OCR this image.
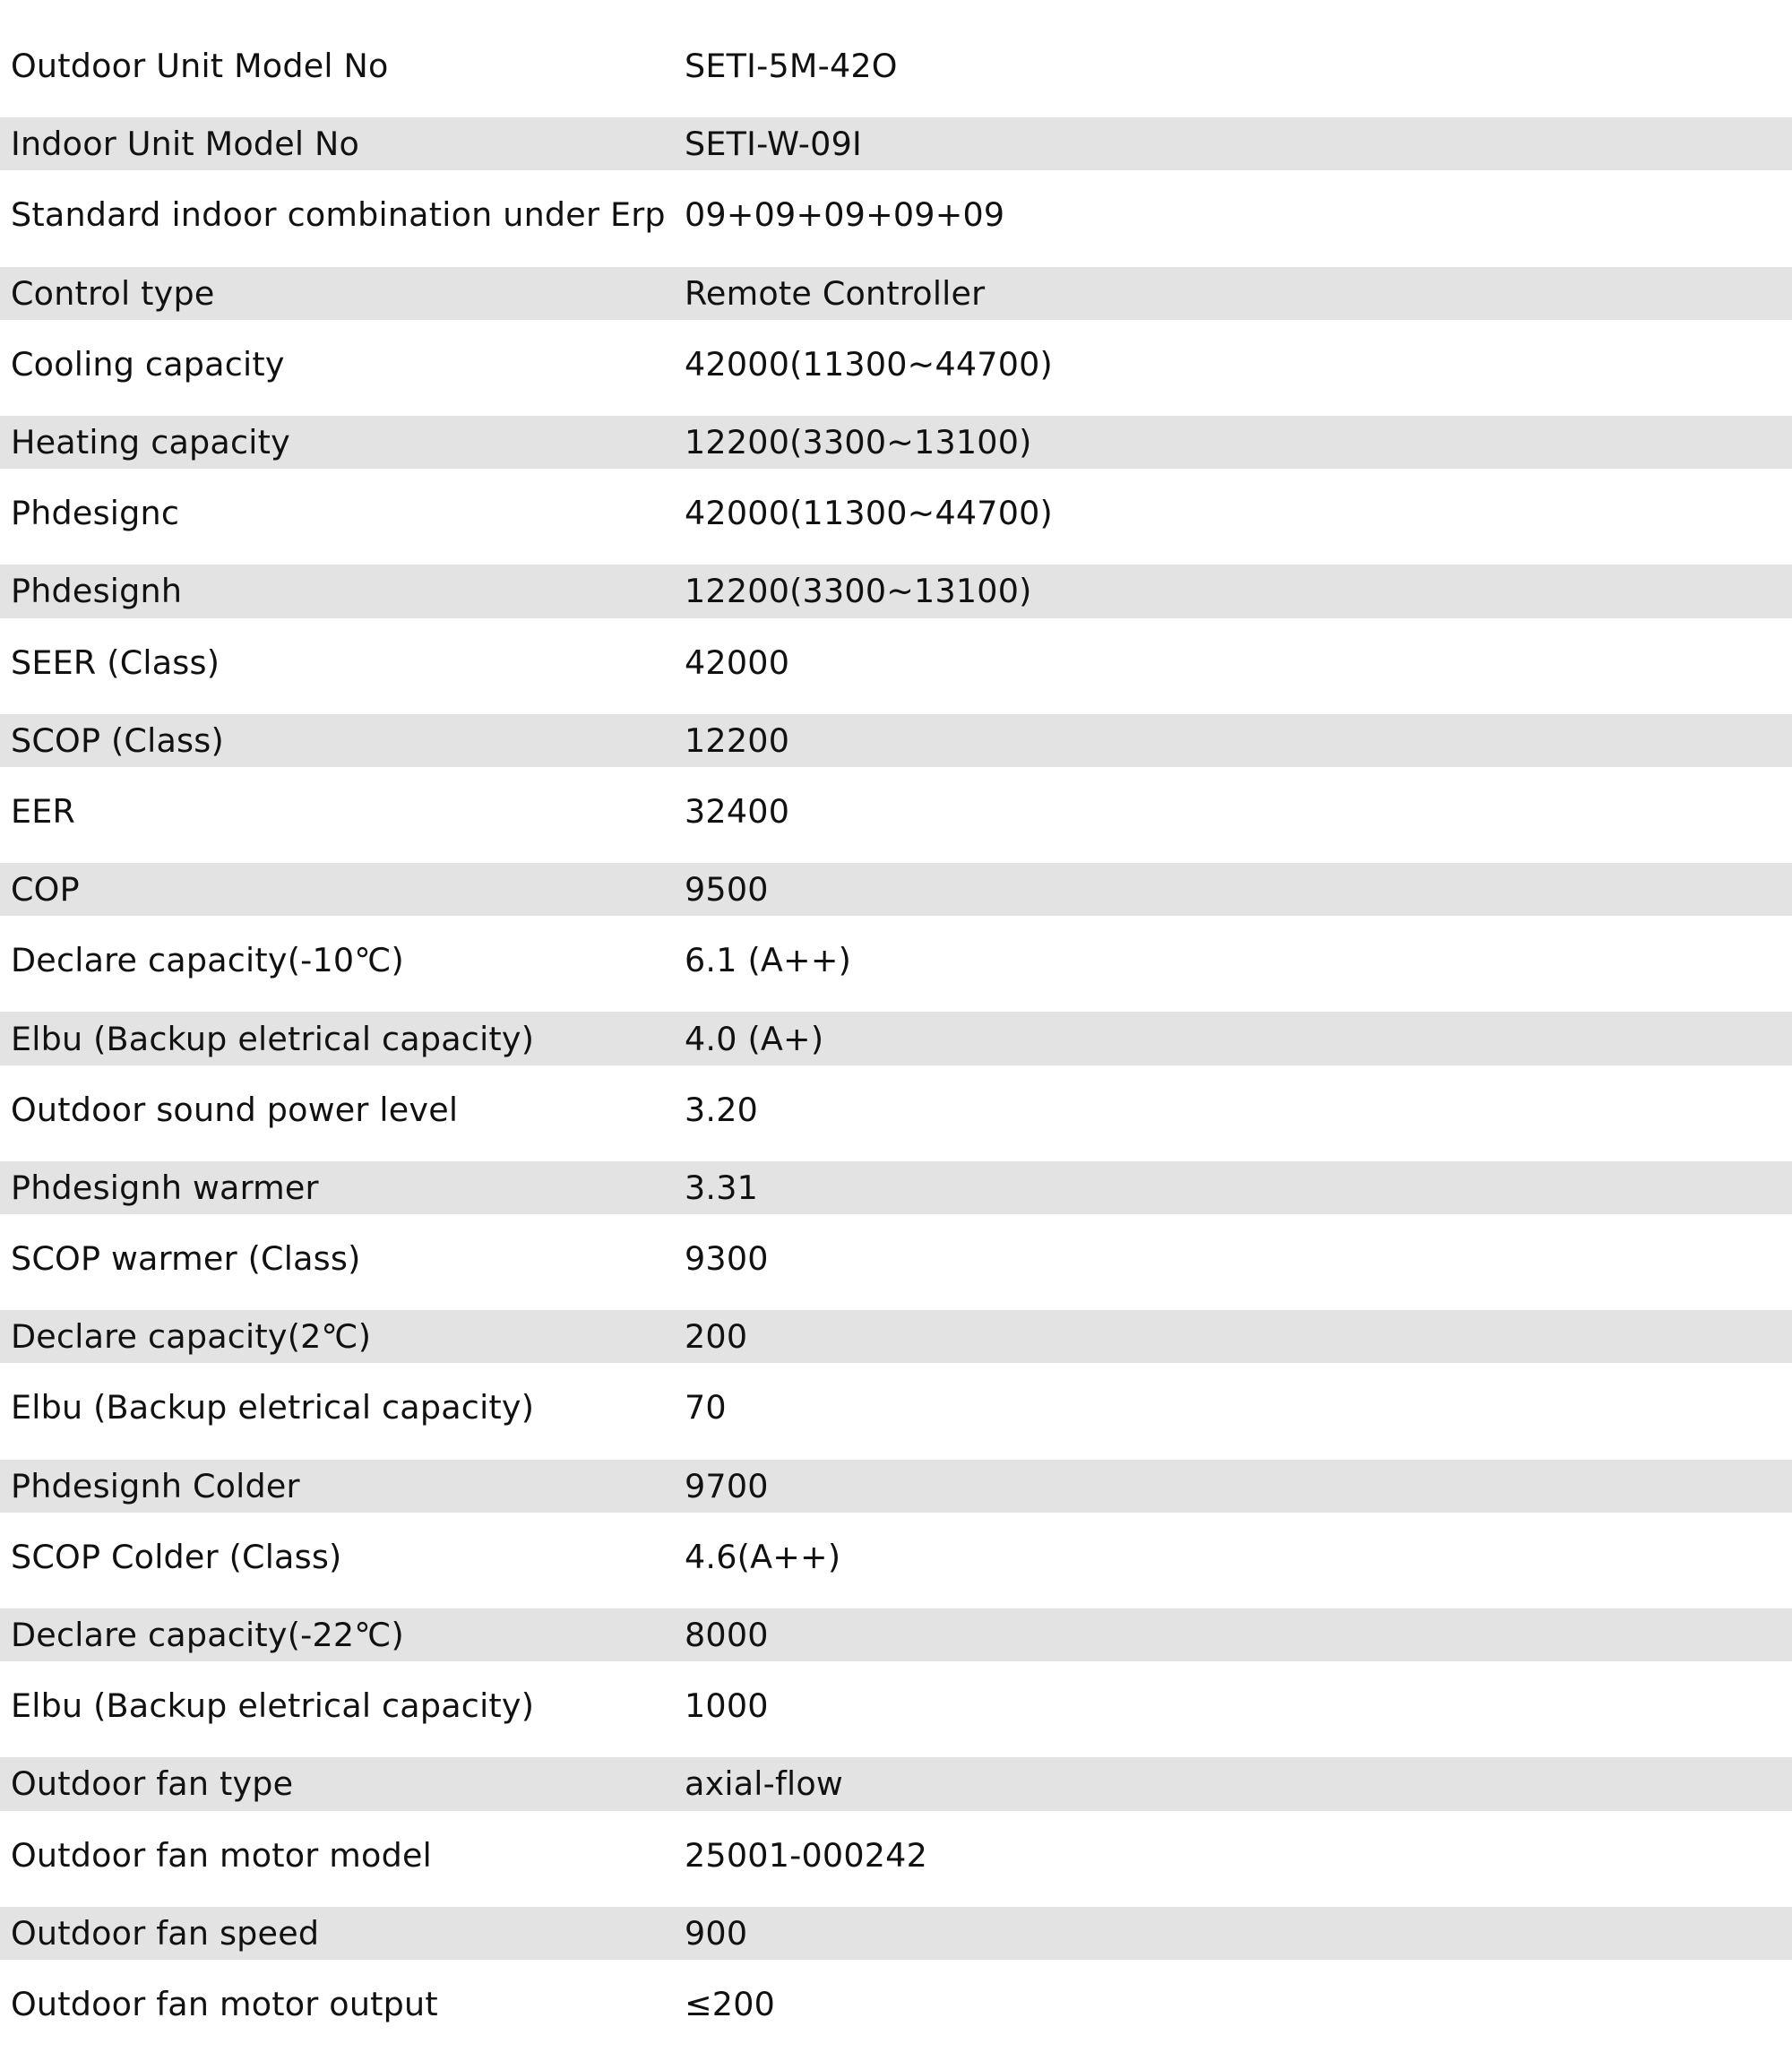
Outdoor Unit Model No	SETI-5M-42O
Indoor Unit Model No	SETI-W-09I
Standard indoor combination under Erp 09+09+09+09+09
Control type	Remote Controller
Cooling capacity	42000(11300~44700)
Heating capacity	12200(3300~13100)
Phdesignc	42000(11300~44700)
Phdesignh	12200(3300~13100)
SEER (Class)	42000
SCOP (Class)	12200
EER	32400
COP	9500
Declare capacity(-10℃)	6.1 (A++)
Elbu (Backup eletrical capacity)	4.0 (A+)
Outdoor sound power level	3.20
Phdesignh warmer	3.31
SCOP warmer (Class)	9300
Declare capacity(2℃)	200
Elbu (Backup eletrical capacity)	70
Phdesignh Colder	9700
SCOP Colder (Class)	4.6(A++)
Declare capacity(-22℃)	8000
Elbu (Backup eletrical capacity)	1000
Outdoor fan type	axial-flow
Outdoor fan motor model	25001-000242
Outdoor fan speed	900
Outdoor fan motor output	≤200
